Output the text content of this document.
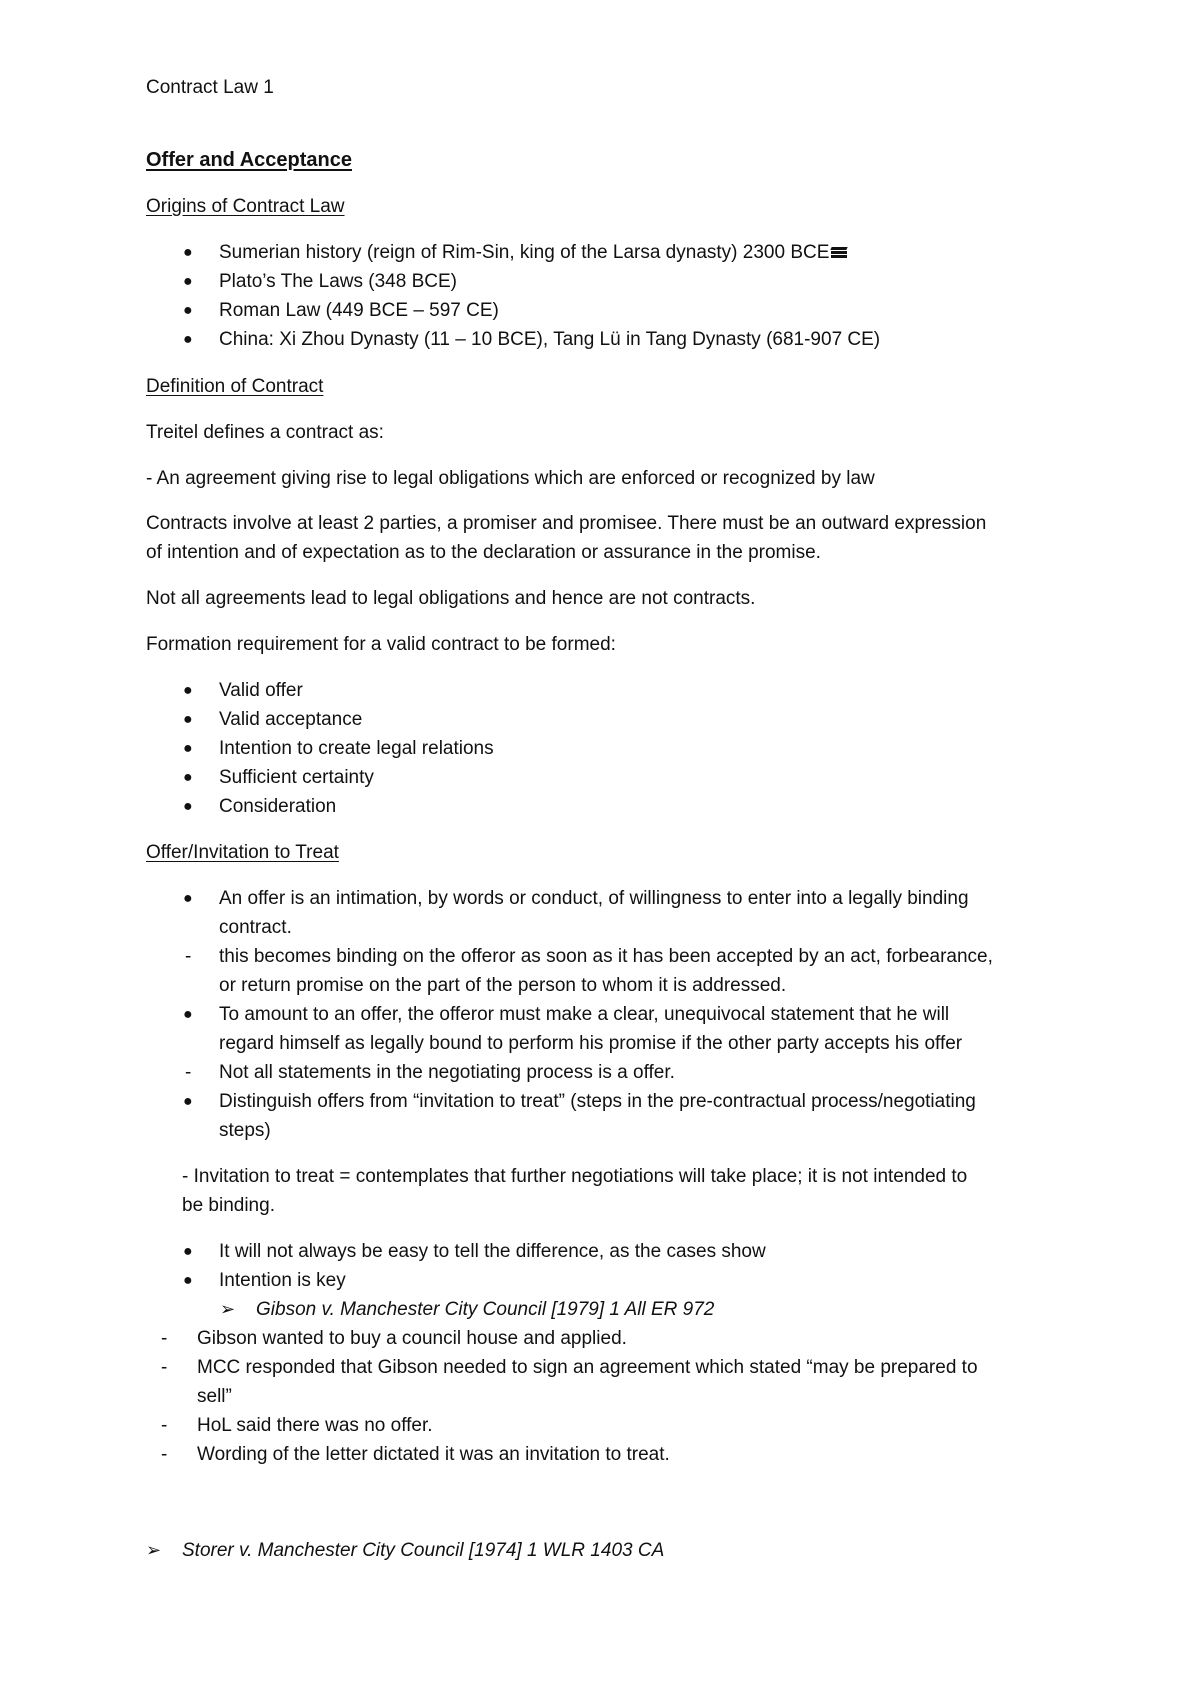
Contract Law 1
Offer and Acceptance
Origins of Contract Law
● Sumerian history (reign of Rim-Sin, king of the Larsa dynasty) 2300 BCE
● Plato’s The Laws (348 BCE)
● Roman Law (449 BCE – 597 CE)
● China: Xi Zhou Dynasty (11 – 10 BCE), Tang Lü in Tang Dynasty (681-907 CE)
Definition of Contract
Treitel defines a contract as:
- An agreement giving rise to legal obligations which are enforced or recognized by law
Contracts involve at least 2 parties, a promiser and promisee. There must be an outward expression
of intention and of expectation as to the declaration or assurance in the promise.
Not all agreements lead to legal obligations and hence are not contracts.
Formation requirement for a valid contract to be formed:
● Valid offer
● Valid acceptance
● Intention to create legal relations
● Sufficient certainty
● Consideration
Offer/Invitation to Treat
● An offer is an intimation, by words or conduct, of willingness to enter into a legally binding
contract.
- this becomes binding on the offeror as soon as it has been accepted by an act, forbearance,
or return promise on the part of the person to whom it is addressed.
● To amount to an offer, the offeror must make a clear, unequivocal statement that he will
regard himself as legally bound to perform his promise if the other party accepts his offer
- Not all statements in the negotiating process is a offer.
● Distinguish offers from “invitation to treat” (steps in the pre-contractual process/negotiating
steps)
- Invitation to treat = contemplates that further negotiations will take place; it is not intended to
be binding.
● It will not always be easy to tell the difference, as the cases show
● Intention is key
➢ Gibson v. Manchester City Council [1979] 1 All ER 972
- Gibson wanted to buy a council house and applied.
- MCC responded that Gibson needed to sign an agreement which stated “may be prepared to
sell”
- HoL said there was no offer.
- Wording of the letter dictated it was an invitation to treat.
➢ Storer v. Manchester City Council [1974] 1 WLR 1403 CA
